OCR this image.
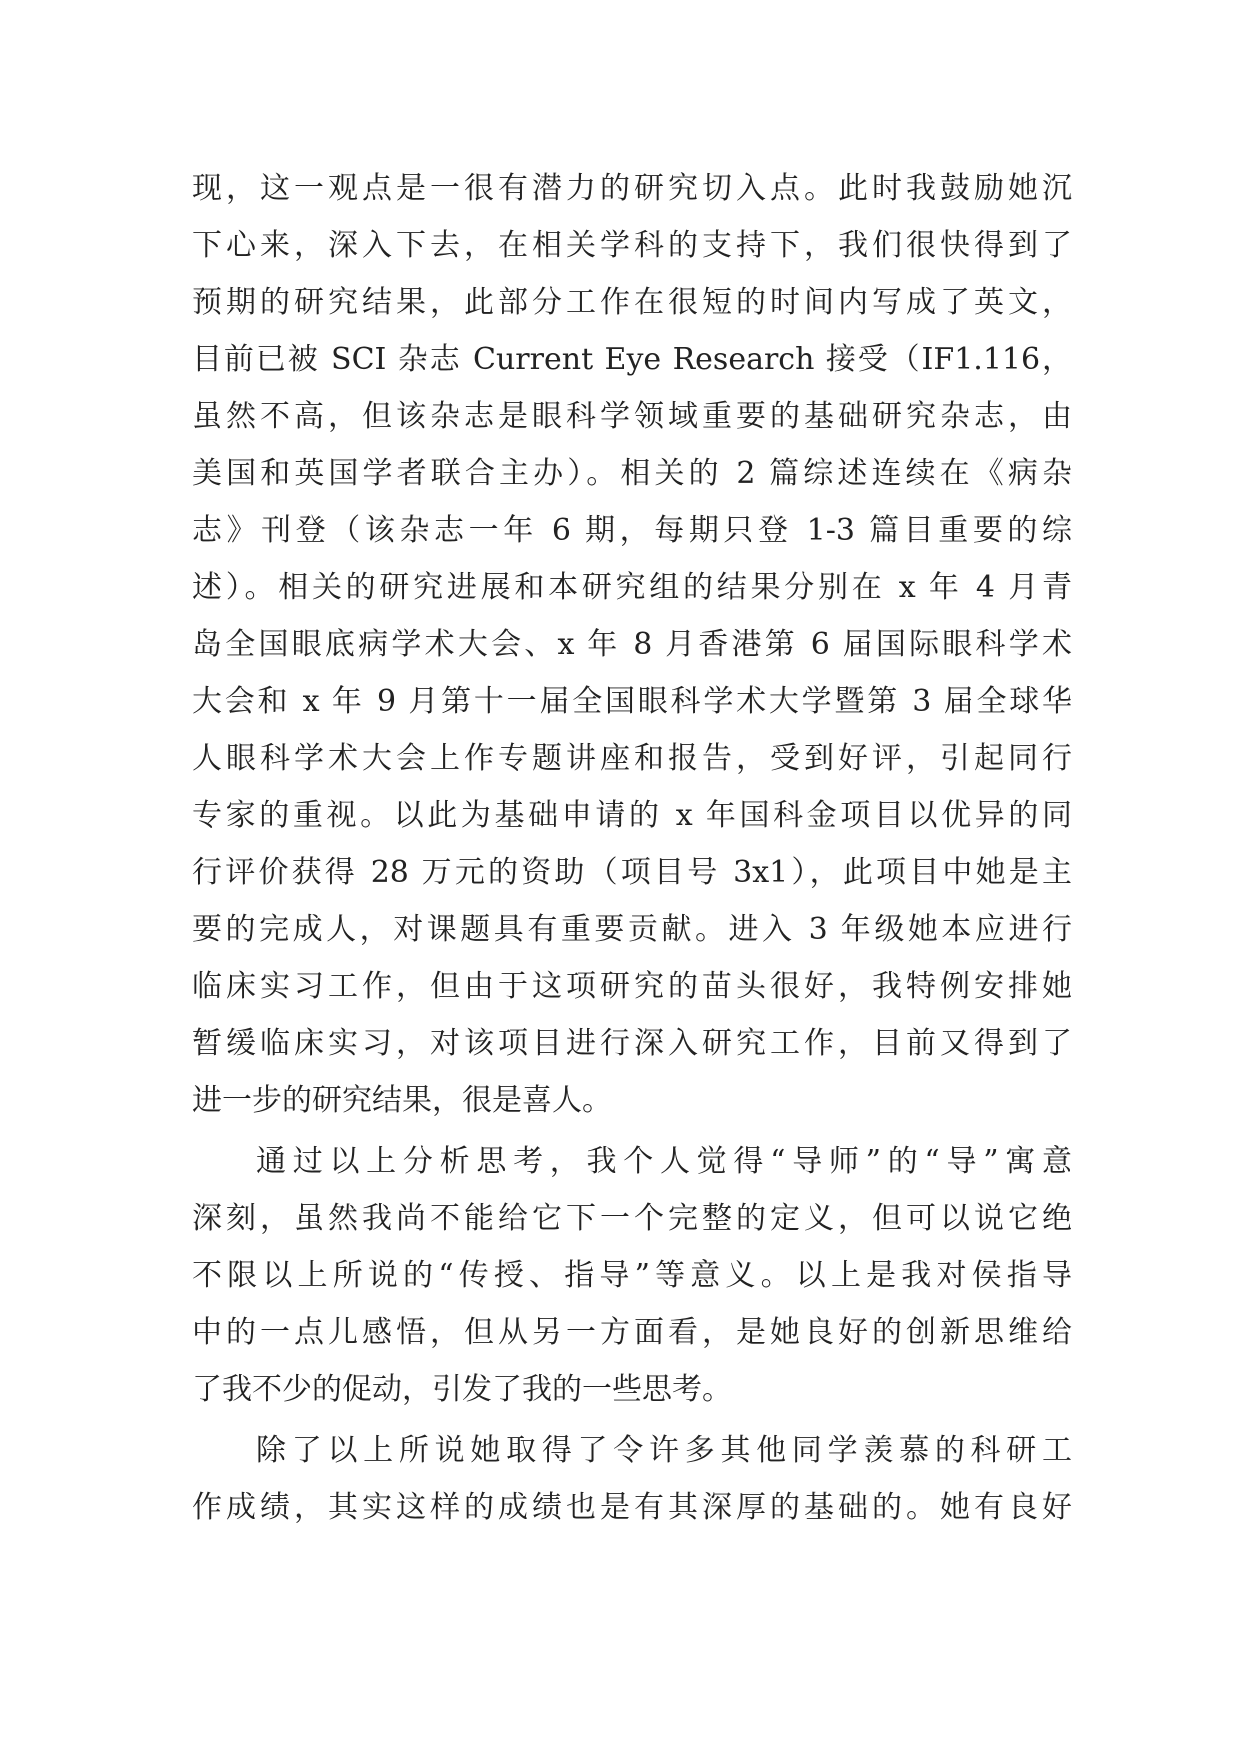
现，这一观点是一很有潜力的研究切入点。此时我鼓励她沉
下心来，深入下去，在相关学科的支持下，我们很快得到了
预期的研究结果，此部分工作在很短的时间内写成了英文，
目前已被 SCI 杂志 Current Eye Research 接受（IF1.116，
虽然不高，但该杂志是眼科学领域重要的基础研究杂志，由
美国和英国学者联合主办）。相关的 2 篇综述连续在《病杂
志》刊登（该杂志一年 6 期，每期只登 1-3 篇目重要的综
述）。相关的研究进展和本研究组的结果分别在 x 年 4 月青
岛全国眼底病学术大会、x 年 8 月香港第 6 届国际眼科学术
大会和 x 年 9 月第十一届全国眼科学术大学暨第 3 届全球华
人眼科学术大会上作专题讲座和报告，受到好评，引起同行
专家的重视。以此为基础申请的 x 年国科金项目以优异的同
行评价获得 28 万元的资助（项目号 3x1），此项目中她是主
要的完成人，对课题具有重要贡献。进入 3 年级她本应进行
临床实习工作，但由于这项研究的苗头很好，我特例安排她
暂缓临床实习，对该项目进行深入研究工作，目前又得到了
进一步的研究结果，很是喜人。
通过以上分析思考，我个人觉得“导师”的“导”寓意
深刻，虽然我尚不能给它下一个完整的定义，但可以说它绝
不限以上所说的“传授、指导”等意义。以上是我对侯指导
中的一点儿感悟，但从另一方面看，是她良好的创新思维给
了我不少的促动，引发了我的一些思考。
除了以上所说她取得了令许多其他同学羡慕的科研工
作成绩，其实这样的成绩也是有其深厚的基础的。她有良好
